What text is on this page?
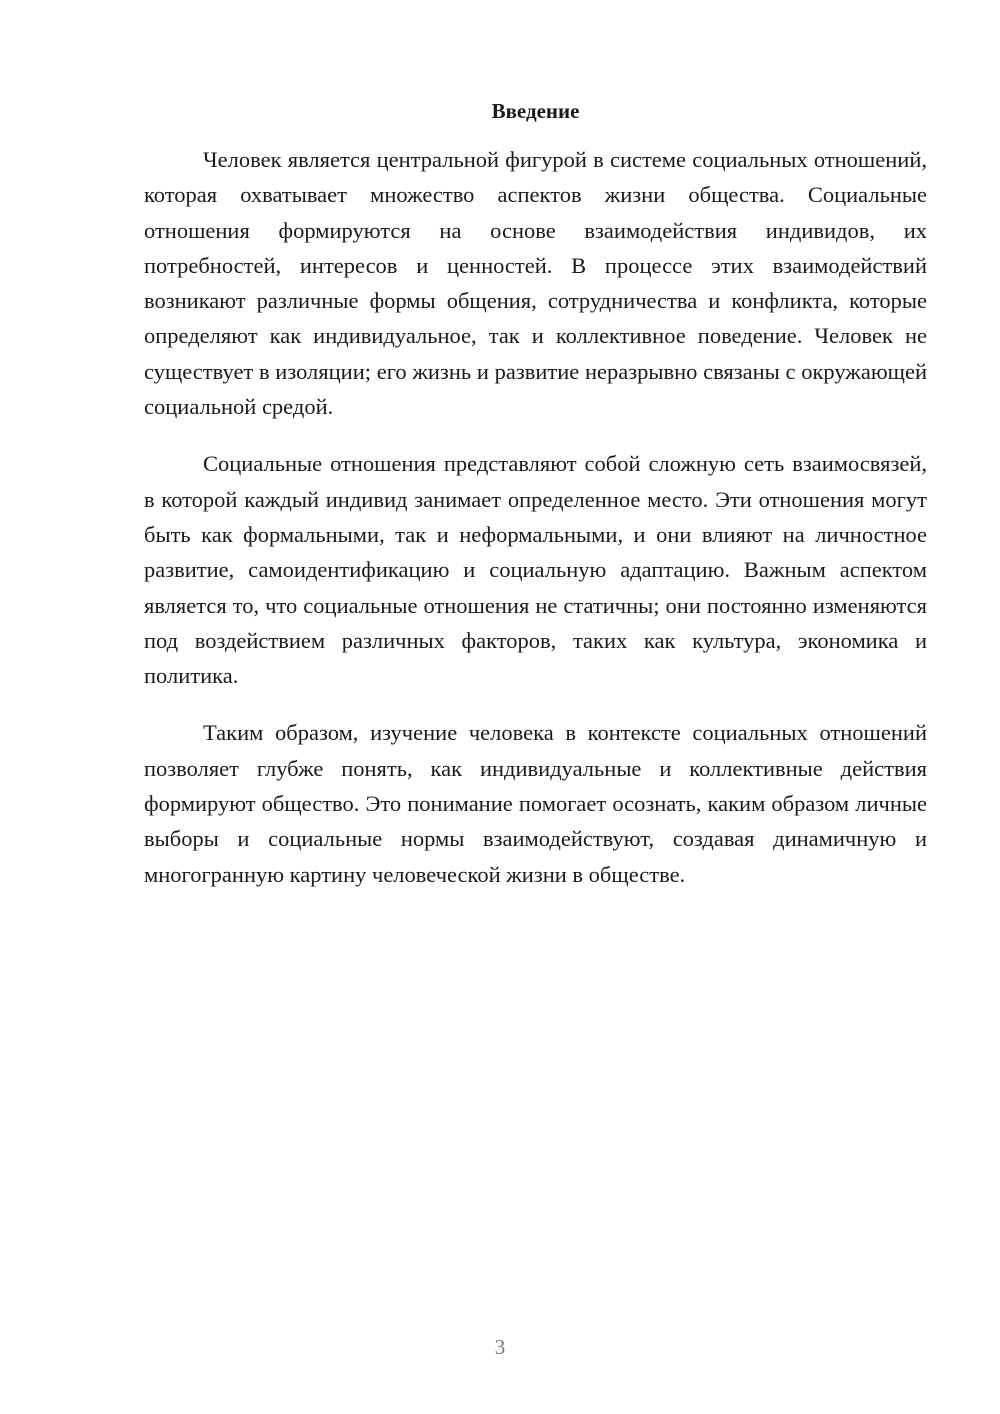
Введение

Человек является центральной фигурой в системе социальных отношений, которая охватывает множество аспектов жизни общества. Социальные отношения формируются на основе взаимодействия индивидов, их потребностей, интересов и ценностей. В процессе этих взаимодействий возникают различные формы общения, сотрудничества и конфликта, которые определяют как индивидуальное, так и коллективное поведение. Человек не существует в изоляции; его жизнь и развитие неразрывно связаны с окружающей социальной средой.

Социальные отношения представляют собой сложную сеть взаимосвязей, в которой каждый индивид занимает определенное место. Эти отношения могут быть как формальными, так и неформальными, и они влияют на личностное развитие, самоидентификацию и социальную адаптацию. Важным аспектом является то, что социальные отношения не статичны; они постоянно изменяются под воздействием различных факторов, таких как культура, экономика и политика.

Таким образом, изучение человека в контексте социальных отношений позволяет глубже понять, как индивидуальные и коллективные действия формируют общество. Это понимание помогает осознать, каким образом личные выборы и социальные нормы взаимодействуют, создавая динамичную и многогранную картину человеческой жизни в обществе.

3
